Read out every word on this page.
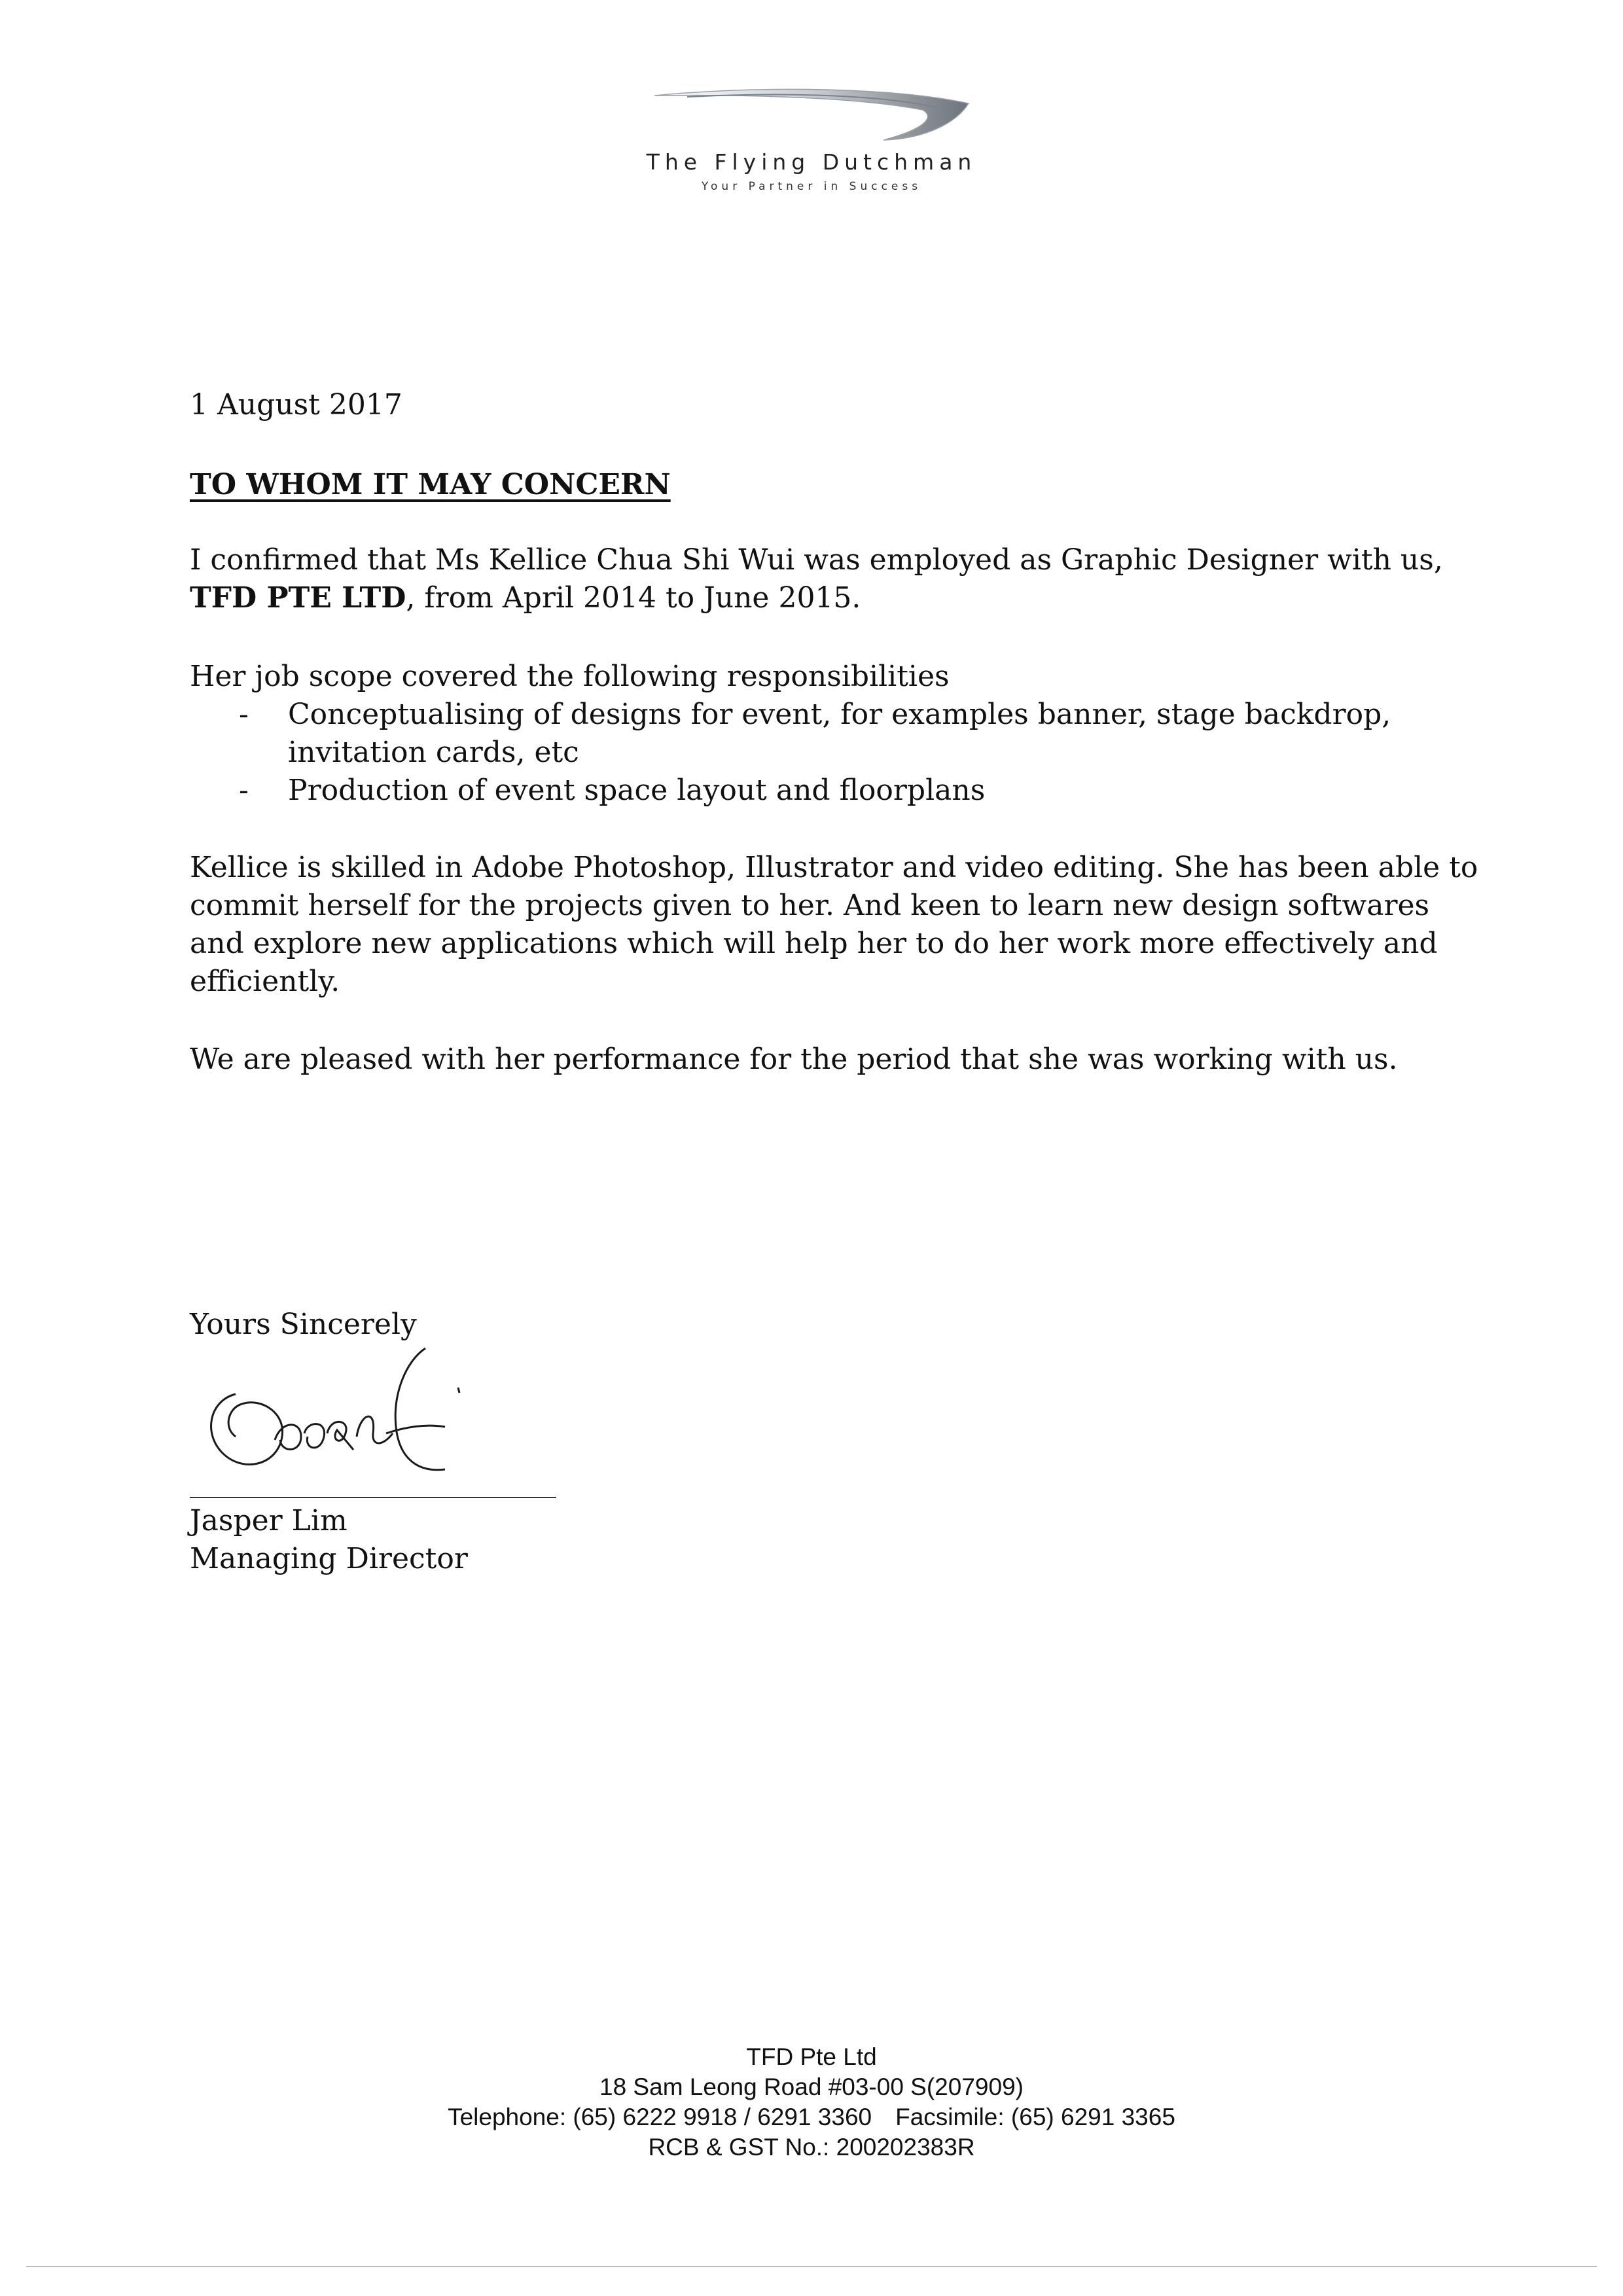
The Flying Dutchman
Your Partner in Success
1 August 2017
TO WHOM IT MAY CONCERN
I confirmed that Ms Kellice Chua Shi Wui was employed as Graphic Designer with us,
TFD PTE LTD, from April 2014 to June 2015.
Her job scope covered the following responsibilities
- Conceptualising of designs for event, for examples banner, stage backdrop,
invitation cards, etc
- Production of event space layout and floorplans
Kellice is skilled in Adobe Photoshop, Illustrator and video editing. She has been able to
commit herself for the projects given to her. And keen to learn new design softwares
and explore new applications which will help her to do her work more effectively and
efficiently.
We are pleased with her performance for the period that she was working with us.
Yours Sincerely
Jasper Lim
Managing Director
TFD Pte Ltd
18 Sam Leong Road #03-00 S(207909)
Telephone: (65) 6222 9918 / 6291 3360 Facsimile: (65) 6291 3365
RCB & GST No.: 200202383R
